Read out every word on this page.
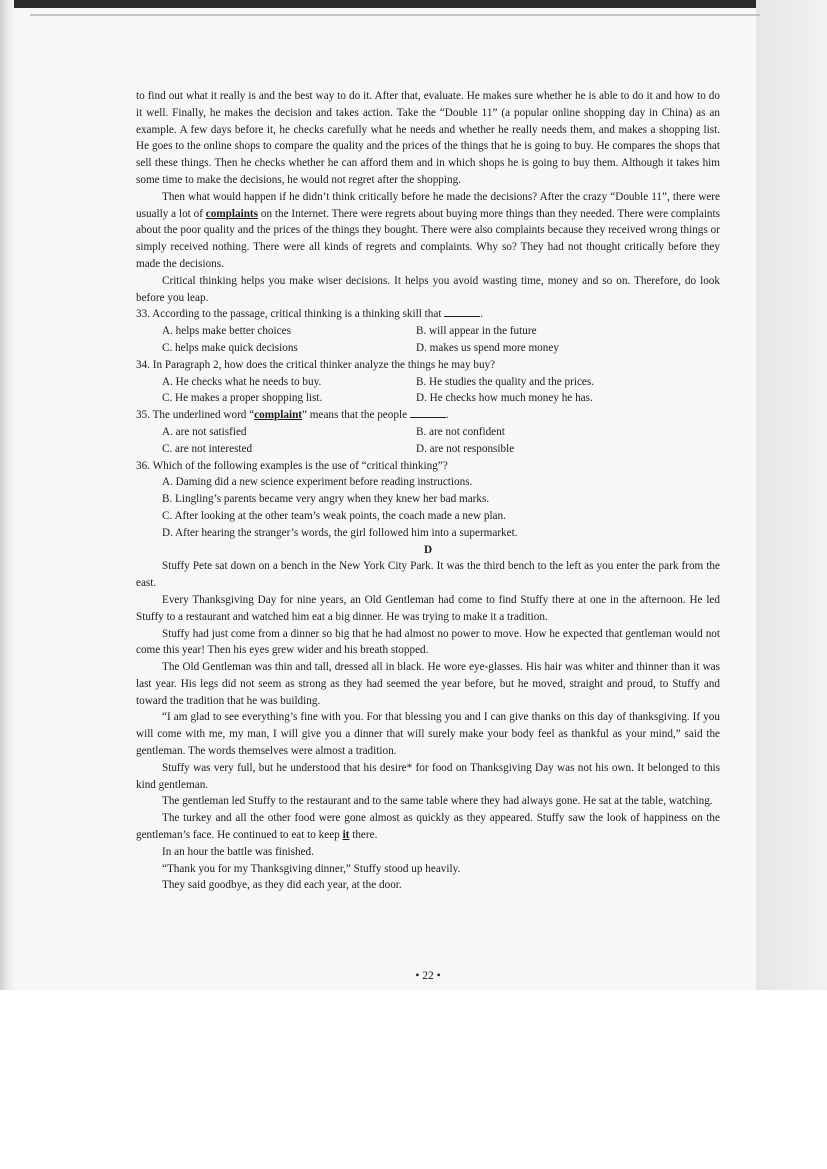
to find out what it really is and the best way to do it. After that, evaluate. He makes sure whether he is able to do it and how to do it well. Finally, he makes the decision and takes action. Take the “Double 11” (a popular online shopping day in China) as an example. A few days before it, he checks carefully what he needs and whether he really needs them, and makes a shopping list. He goes to the online shops to compare the quality and the prices of the things that he is going to buy. He compares the shops that sell these things. Then he checks whether he can afford them and in which shops he is going to buy them. Although it takes him some time to make the decisions, he would not regret after the shopping.

Then what would happen if he didn’t think critically before he made the decisions? After the crazy “Double 11”, there were usually a lot of complaints on the Internet. There were regrets about buying more things than they needed. There were complaints about the poor quality and the prices of the things they bought. There were also complaints because they received wrong things or simply received nothing. There were all kinds of regrets and complaints. Why so? They had not thought critically before they made the decisions.

Critical thinking helps you make wiser decisions. It helps you avoid wasting time, money and so on. Therefore, do look before you leap.

33. According to the passage, critical thinking is a thinking skill that	.

A. helps make better choices	B. will appear in the future
C. helps make quick decisions	D. makes us spend more money

34. In Paragraph 2, how does the critical thinker analyze the things he may buy?

A. He checks what he needs to buy.	B. He studies the quality and the prices.
C. He makes a proper shopping list.	D. He checks how much money he has.

35. The underlined word “complaint” means that the people	.

A. are not satisfied	B. are not confident
C. are not interested	D. are not responsible

36. Which of the following examples is the use of “critical thinking”?

A. Daming did a new science experiment before reading instructions.

B. Lingling’s parents became very angry when they knew her bad marks.

C. After looking at the other team’s weak points, the coach made a new plan.

D. After hearing the stranger’s words, the girl followed him into a supermarket.

D

Stuffy Pete sat down on a bench in the New York City Park. It was the third bench to the left as you enter the park from the east.

Every Thanksgiving Day for nine years, an Old Gentleman had come to find Stuffy there at one in the afternoon. He led Stuffy to a restaurant and watched him eat a big dinner. He was trying to make it a tradition.

Stuffy had just come from a dinner so big that he had almost no power to move. How he expected that gentleman would not come this year! Then his eyes grew wider and his breath stopped.

The Old Gentleman was thin and tall, dressed all in black. He wore eye-glasses. His hair was whiter and thinner than it was last year. His legs did not seem as strong as they had seemed the year before, but he moved, straight and proud, to Stuffy and toward the tradition that he was building.

“I am glad to see everything’s fine with you. For that blessing you and I can give thanks on this day of thanksgiving. If you will come with me, my man, I will give you a dinner that will surely make your body feel as thankful as your mind,” said the gentleman. The words themselves were almost a tradition.

Stuffy was very full, but he understood that his desire* for food on Thanksgiving Day was not his own. It belonged to this kind gentleman.

The gentleman led Stuffy to the restaurant and to the same table where they had always gone. He sat at the table, watching.

The turkey and all the other food were gone almost as quickly as they appeared. Stuffy saw the look of happiness on the gentleman’s face. He continued to eat to keep it there.

In an hour the battle was finished.

“Thank you for my Thanksgiving dinner,” Stuffy stood up heavily.

They said goodbye, as they did each year, at the door.

• 22 •
